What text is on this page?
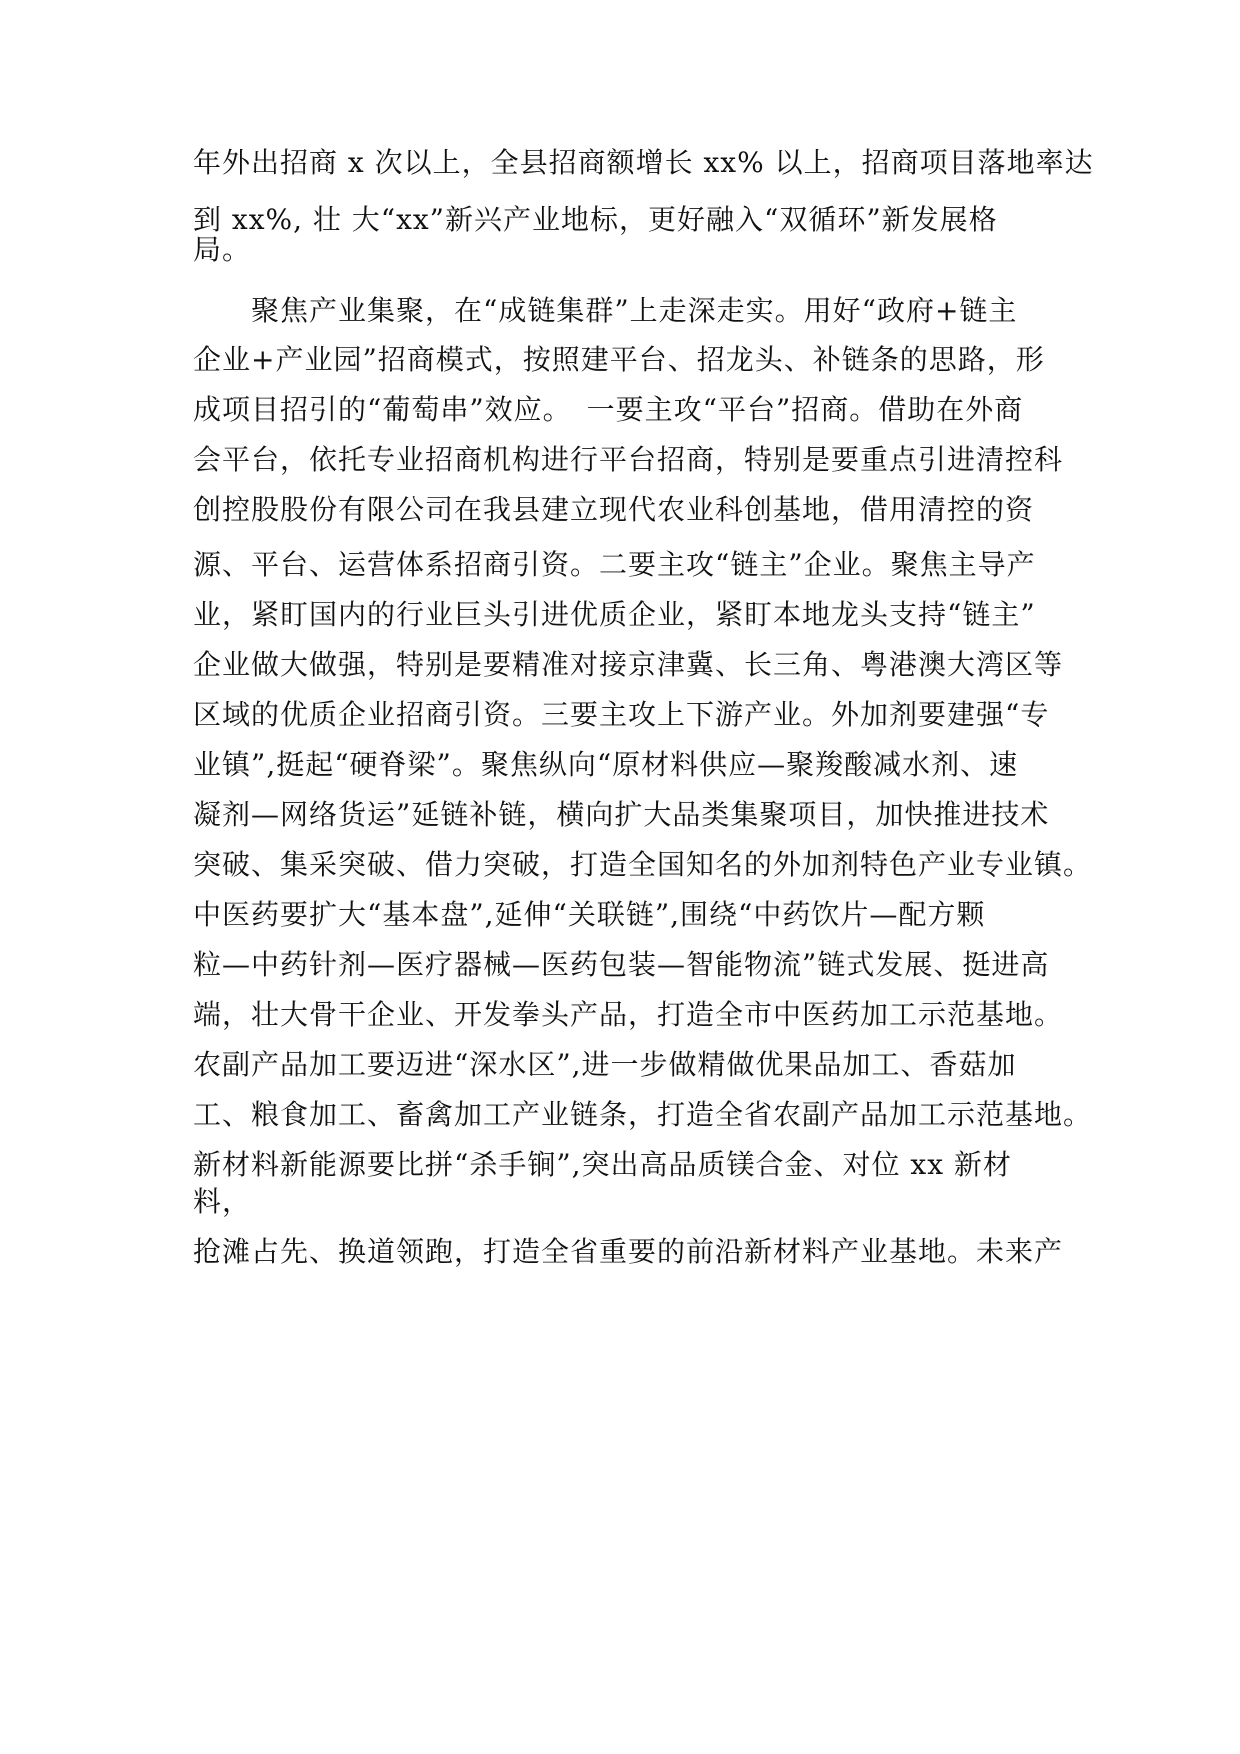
年外出招商 x 次以上，全县招商额增长 xx% 以上，招商项目落地率达
到 xx%, 壮 大“xx”新兴产业地标，更好融入“双循环”新发展格
局。
　　聚焦产业集聚，在“成链集群”上走深走实。用好“政府+链主
企业+产业园”招商模式，按照建平台、招龙头、补链条的思路，形
成项目招引的“葡萄串”效应。　一要主攻“平台”招商。借助在外商
会平台，依托专业招商机构进行平台招商，特别是要重点引进清控科
创控股股份有限公司在我县建立现代农业科创基地，借用清控的资
源、平台、运营体系招商引资。二要主攻“链主”企业。聚焦主导产
业，紧盯国内的行业巨头引进优质企业，紧盯本地龙头支持“链主”
企业做大做强，特别是要精准对接京津冀、长三角、粤港澳大湾区等
区域的优质企业招商引资。三要主攻上下游产业。外加剂要建强“专
业镇”,挺起“硬脊梁”。聚焦纵向“原材料供应—聚羧酸减水剂、速
凝剂—网络货运”延链补链，横向扩大品类集聚项目，加快推进技术
突破、集采突破、借力突破，打造全国知名的外加剂特色产业专业镇。
中医药要扩大“基本盘”,延伸“关联链”,围绕“中药饮片—配方颗
粒—中药针剂—医疗器械—医药包装—智能物流”链式发展、挺进高
端，壮大骨干企业、开发拳头产品，打造全市中医药加工示范基地。
农副产品加工要迈进“深水区”,进一步做精做优果品加工、香菇加
工、粮食加工、畜禽加工产业链条，打造全省农副产品加工示范基地。
新材料新能源要比拼“杀手锏”,突出高品质镁合金、对位 xx 新材
料，
抢滩占先、换道领跑，打造全省重要的前沿新材料产业基地。未来产
